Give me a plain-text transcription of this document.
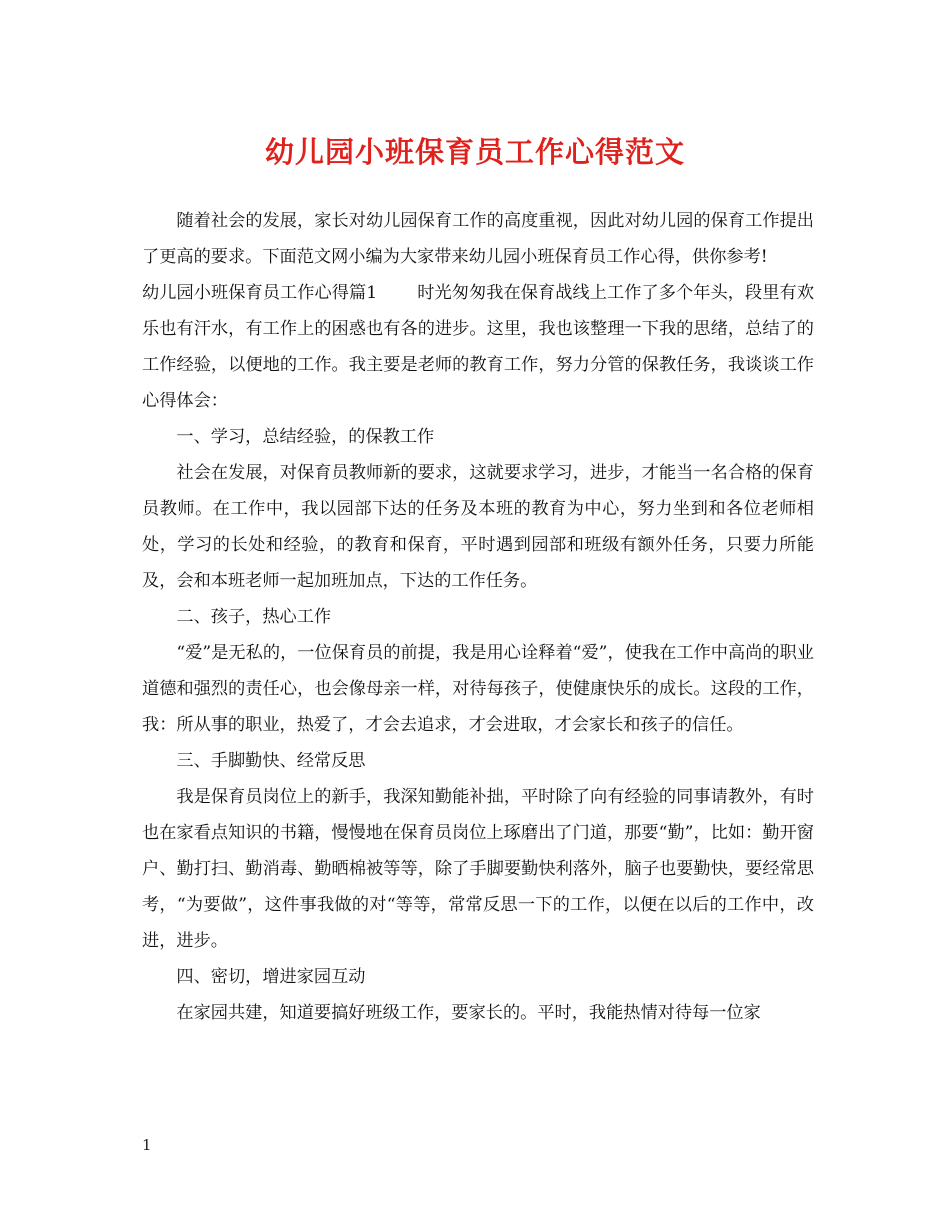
幼儿园小班保育员工作心得范文

随着社会的发展，家长对幼儿园保育工作的高度重视，因此对幼儿园的保育工作提出了更高的要求。下面范文网小编为大家带来幼儿园小班保育员工作心得，供你参考!

幼儿园小班保育员工作心得篇1 时光匆匆我在保育战线上工作了多个年头，段里有欢乐也有汗水，有工作上的困惑也有各的进步。这里，我也该整理一下我的思绪，总结了的工作经验，以便地的工作。我主要是老师的教育工作，努力分管的保教任务，我谈谈工作心得体会：

一、学习，总结经验，的保教工作

社会在发展，对保育员教师新的要求，这就要求学习，进步，才能当一名合格的保育员教师。在工作中，我以园部下达的任务及本班的教育为中心，努力坐到和各位老师相处，学习的长处和经验，的教育和保育，平时遇到园部和班级有额外任务，只要力所能及，会和本班老师一起加班加点，下达的工作任务。

二、孩子，热心工作

“爱”是无私的，一位保育员的前提，我是用心诠释着“爱”，使我在工作中高尚的职业道德和强烈的责任心，也会像母亲一样，对待每孩子，使健康快乐的成长。这段的工作，我：所从事的职业，热爱了，才会去追求，才会进取，才会家长和孩子的信任。

三、手脚勤快、经常反思

我是保育员岗位上的新手，我深知勤能补拙，平时除了向有经验的同事请教外，有时也在家看点知识的书籍，慢慢地在保育员岗位上琢磨出了门道，那要“勤”，比如：勤开窗户、勤打扫、勤消毒、勤晒棉被等等，除了手脚要勤快利落外，脑子也要勤快，要经常思考，“为要做”，这件事我做的对“等等，常常反思一下的工作，以便在以后的工作中，改进，进步。

四、密切，增进家园互动

在家园共建，知道要搞好班级工作，要家长的。平时，我能热情对待每一位家

1
